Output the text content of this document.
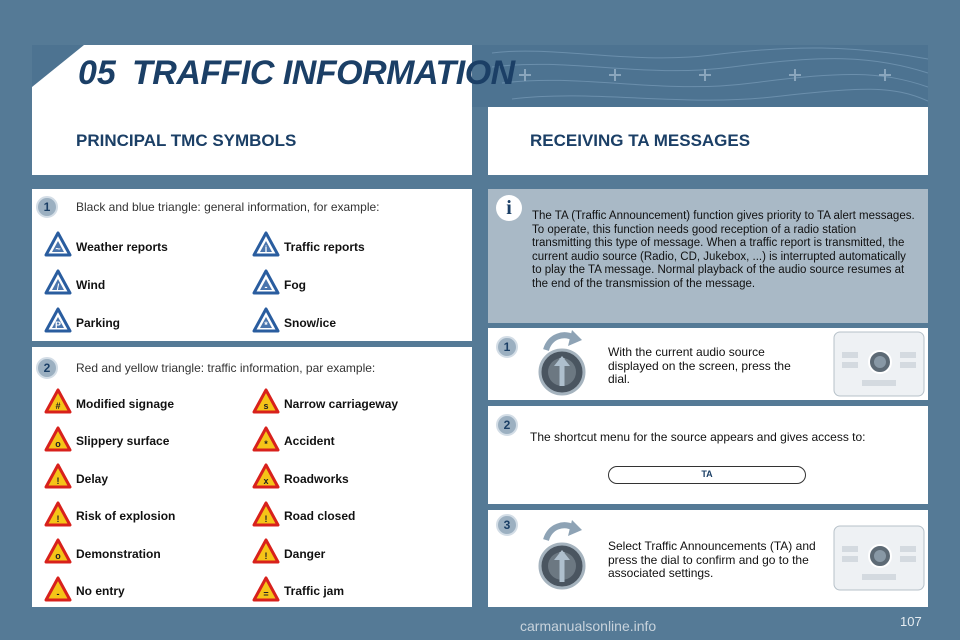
05 TRAFFIC INFORMATION
PRINCIPAL TMC SYMBOLS	RECEIVING TA MESSAGES
1	Black and blue triangle: general information, for example:
~ Weather reports	i Traffic reports
/ Wind	- Fog
P Parking	* Snow/ice
2	Red and yellow triangle: traffic information, par example:
# Modified signage	s Narrow carriageway
o Slippery surface	* Accident
! Delay	x Roadworks
! Risk of explosion	! Road closed
o Demonstration	! Danger
- No entry	= Traffic jam
i	The TA (Traffic Announcement) function gives priority to TA alert messages. To operate, this function needs good reception of a radio station transmitting this type of message. When a traffic report is transmitted, the current audio source (Radio, CD, Jukebox, ...) is interrupted automatically to play the TA message. Normal playback of the audio source resumes at the end of the transmission of the message.
1	With the current audio source displayed on the screen, press the dial.
2
The shortcut menu for the source appears and gives access to:
TA
3
Select Traffic Announcements (TA) and press the dial to confirm and go to the associated settings.
107
carmanualsonline.info
